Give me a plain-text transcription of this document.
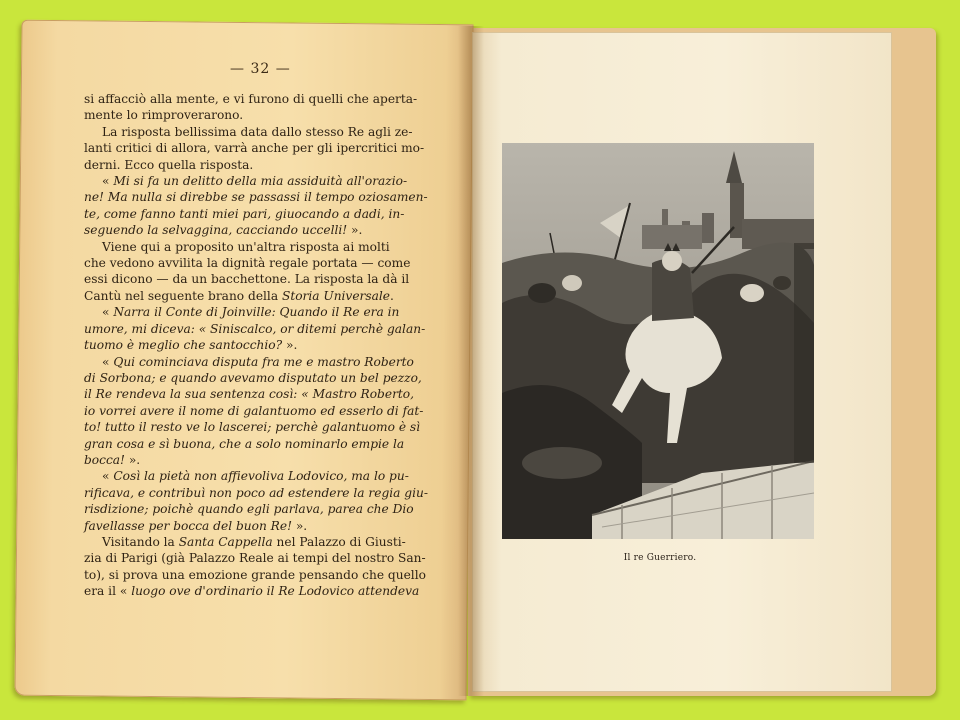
— 32 —

si affacciò alla mente, e vi furono di quelli che aperta-

mente lo rimproverarono.

La risposta bellissima data dallo stesso Re agli ze-

lanti critici di allora, varrà anche per gli ipercritici mo-

derni. Ecco quella risposta.

« Mi si fa un delitto della mia assiduità all'orazio-

ne! Ma nulla si direbbe se passassi il tempo oziosamen-

te, come fanno tanti miei pari, giuocando a dadi, in-

seguendo la selvaggina, cacciando uccelli! ».

Viene qui a proposito un'altra risposta ai molti

che vedono avvilita la dignità regale portata — come

essi dicono — da un bacchettone. La risposta la dà il

Cantù nel seguente brano della Storia Universale.

« Narra il Conte di Joinville: Quando il Re era in

umore, mi diceva: « Siniscalco, or ditemi perchè galan-

tuomo è meglio che santocchio? ».

« Qui cominciava disputa fra me e mastro Roberto

di Sorbona; e quando avevamo disputato un bel pezzo,

il Re rendeva la sua sentenza così: « Mastro Roberto,

io vorrei avere il nome di galantuomo ed esserlo di fat-

to! tutto il resto ve lo lascerei; perchè galantuomo è sì

gran cosa e sì buona, che a solo nominarlo empie la

bocca! ».

« Così la pietà non affievoliva Lodovico, ma lo pu-

rificava, e contribuì non poco ad estendere la regia giu-

risdizione; poichè quando egli parlava, parea che Dio

favellasse per bocca del buon Re! ».

Visitando la Santa Cappella nel Palazzo di Giusti-

zia di Parigi (già Palazzo Reale ai tempi del nostro San-

to), si prova una emozione grande pensando che quello

era il « luogo ove d'ordinario il Re Lodovico attendeva

Il re Guerriero.
